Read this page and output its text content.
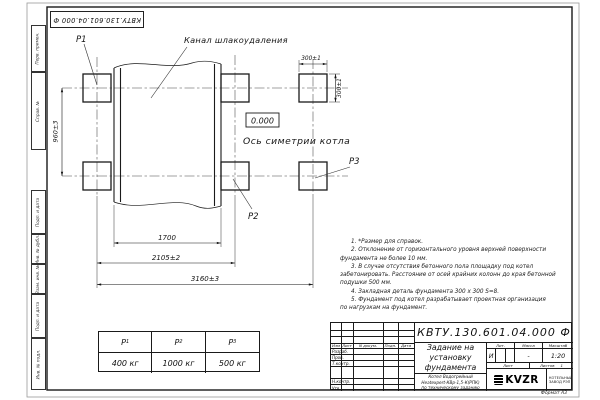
Р1	Канал шлакоудаления
Р2
Р3
0.000
Ось симетрии котла
1700
2105±2
3160±3
960±3
300±1
300±1
КВТУ.130.601.04.000 Ф
Перв. примен.
Справ. №
Подп. и дата
Инв. № дубл.
Взам. инв. №
Подп. и дата
Инв. № подл.
1. *Размер для справок.
2. Отклонение от горизонтального уровня верхней поверхности
фундамента не более 10 мм.
3. В случае отсутствия бетонного пола площадку под котел
забетонировать. Расстояние от осей крайних колонн до края бетонной
подушки 500 мм.
4. Закладная деталь фундамента 300 х 300 S=8.
5. Фундамент под котел разрабатывает проектная организация
по нагрузкам на фундамент.
Р 1	Р 2	Р 3
400 кг	1000 кг	500 кг
Изм Лист	N докум.	Подп.	Дата
Разраб.
Пров.
Т.контр.
Н.контр.
Утв.
КВТУ.130.601.04.000 Ф
Задание на установку фундамента
Котел Водогрейный
Heatexpert-КВр-1,5-К(РПК)
по техническому заданию
Лит.	Масса	Масштаб
И	-	1:20
Лист	Листов 1
KVZR	КОТЕЛЬНЫЙ
ЗАВОД РЭП
Формат А3
